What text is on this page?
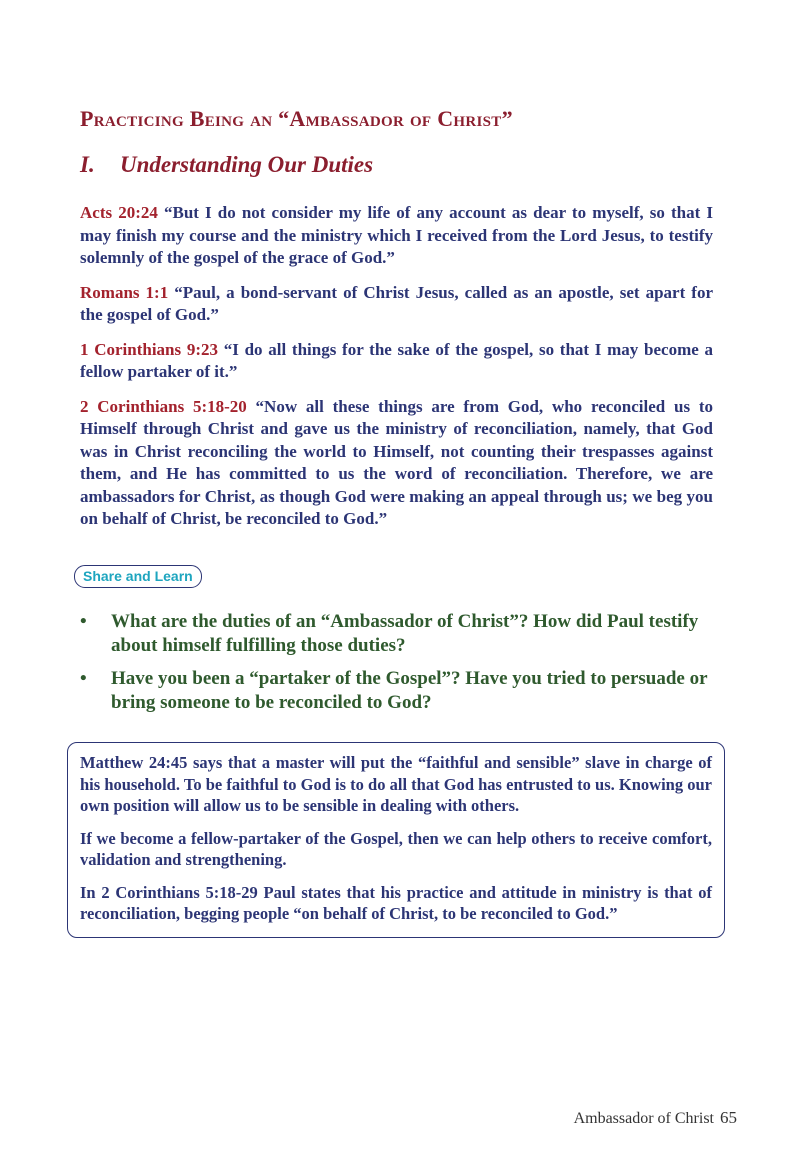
Practicing Being an “Ambassador of Christ”
I. Understanding Our Duties

Acts 20:24 “But I do not consider my life of any account as dear to myself, so that I may finish my course and the ministry which I received from the Lord Jesus, to testify solemnly of the gospel of the grace of God.”

Romans 1:1 “Paul, a bond-servant of Christ Jesus, called as an apostle, set apart for the gospel of God.”

1 Corinthians 9:23 “I do all things for the sake of the gospel, so that I may become a fellow partaker of it.”

2 Corinthians 5:18-20 “Now all these things are from God, who reconciled us to Himself through Christ and gave us the ministry of reconciliation, namely, that God was in Christ reconciling the world to Himself, not counting their trespasses against them, and He has committed to us the word of reconciliation. Therefore, we are ambassadors for Christ, as though God were making an appeal through us; we beg you on behalf of Christ, be reconciled to God.”

Share and Learn
• What are the duties of an “Ambassador of Christ”? How did Paul testify about himself fulfilling those duties?
• Have you been a “partaker of the Gospel”? Have you tried to persuade or bring someone to be reconciled to God?

Matthew 24:45 says that a master will put the “faithful and sensible” slave in charge of his household. To be faithful to God is to do all that God has entrusted to us. Knowing our own position will allow us to be sensible in dealing with others.

If we become a fellow-partaker of the Gospel, then we can help others to receive comfort, validation and strengthening.

In 2 Corinthians 5:18-29 Paul states that his practice and attitude in ministry is that of reconciliation, begging people “on behalf of Christ, to be reconciled to God.”

Ambassador of Christ 65
